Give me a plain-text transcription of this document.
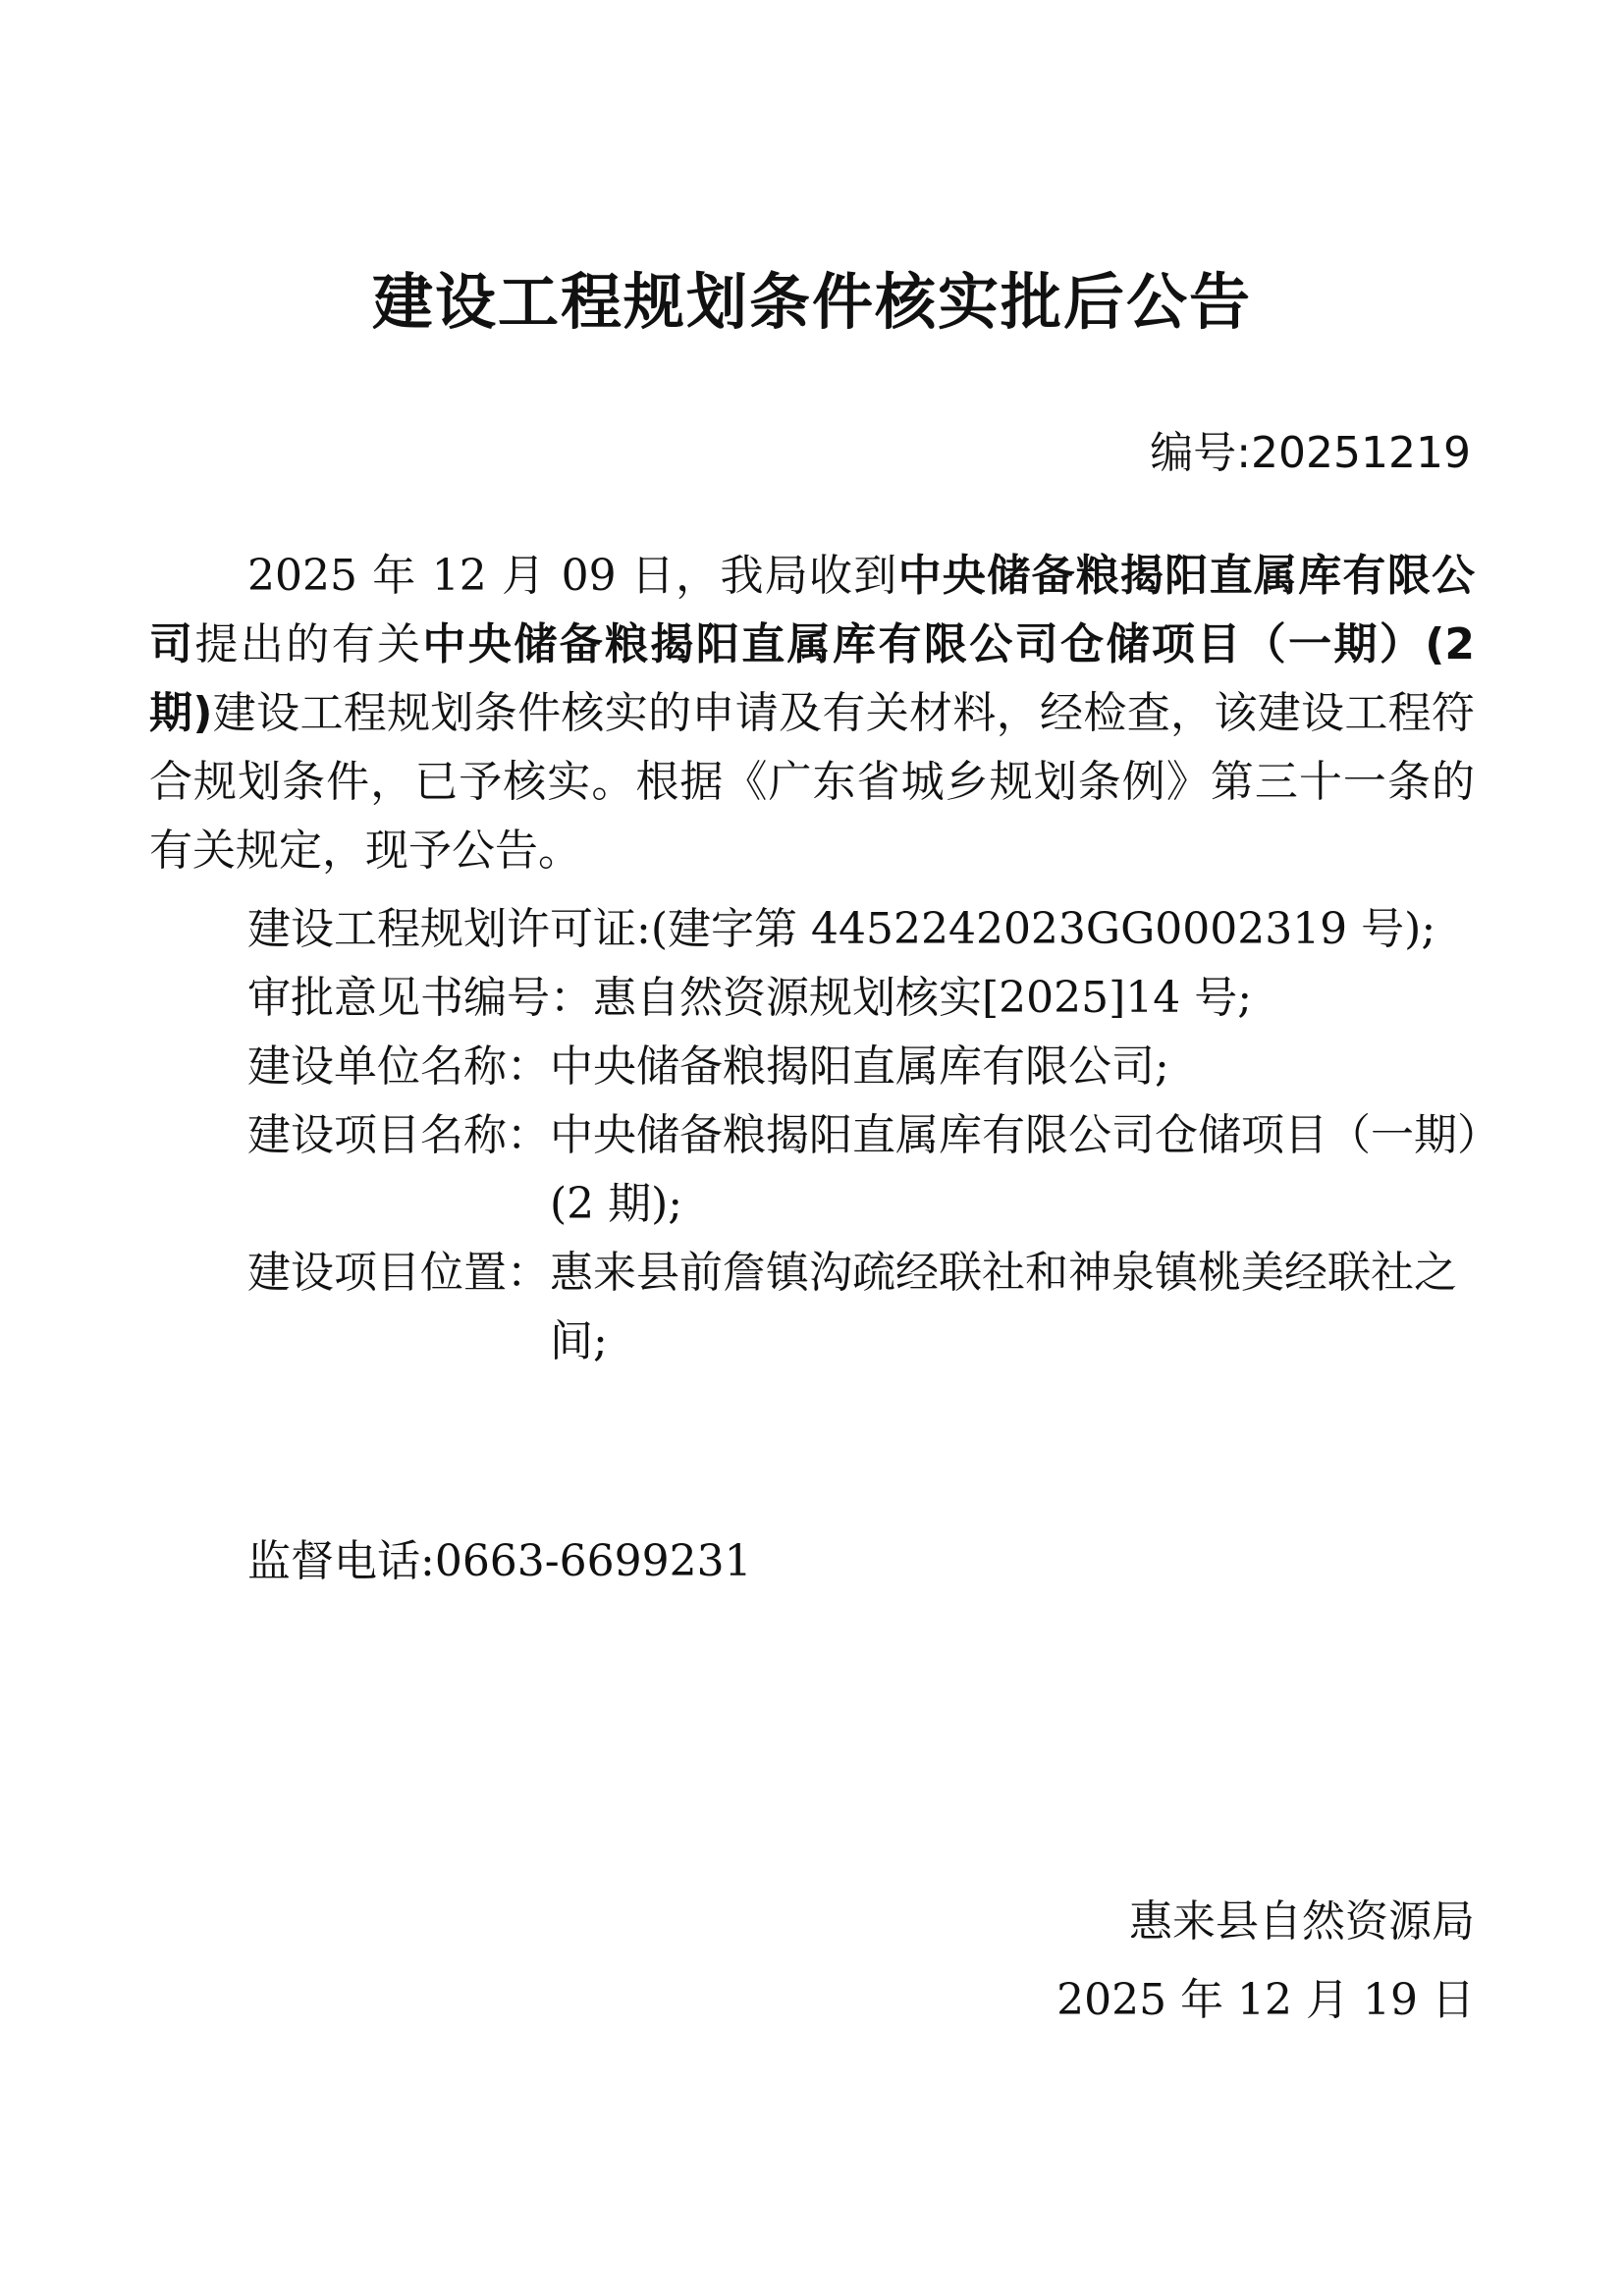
建设工程规划条件核实批后公告
编号:20251219
2025 年 12 月 09 日，我局收到中央储备粮揭阳直属库有限公司提出的有关中央储备粮揭阳直属库有限公司仓储项目（一期）(2 期)建设工程规划条件核实的申请及有关材料，经检查，该建设工程符合规划条件，已予核实。根据《广东省城乡规划条例》第三十一条的有关规定，现予公告。
建设工程规划许可证: (建字第 4452242023GG0002319 号);
审批意见书编号： 惠自然资源规划核实[2025]14 号;
建设单位名称： 中央储备粮揭阳直属库有限公司;
建设项目名称： 中央储备粮揭阳直属库有限公司仓储项目（一期）(2 期);
建设项目位置： 惠来县前詹镇沟疏经联社和神泉镇桃美经联社之间;
监督电话:0663-6699231
惠来县自然资源局
2025 年 12 月 19 日
